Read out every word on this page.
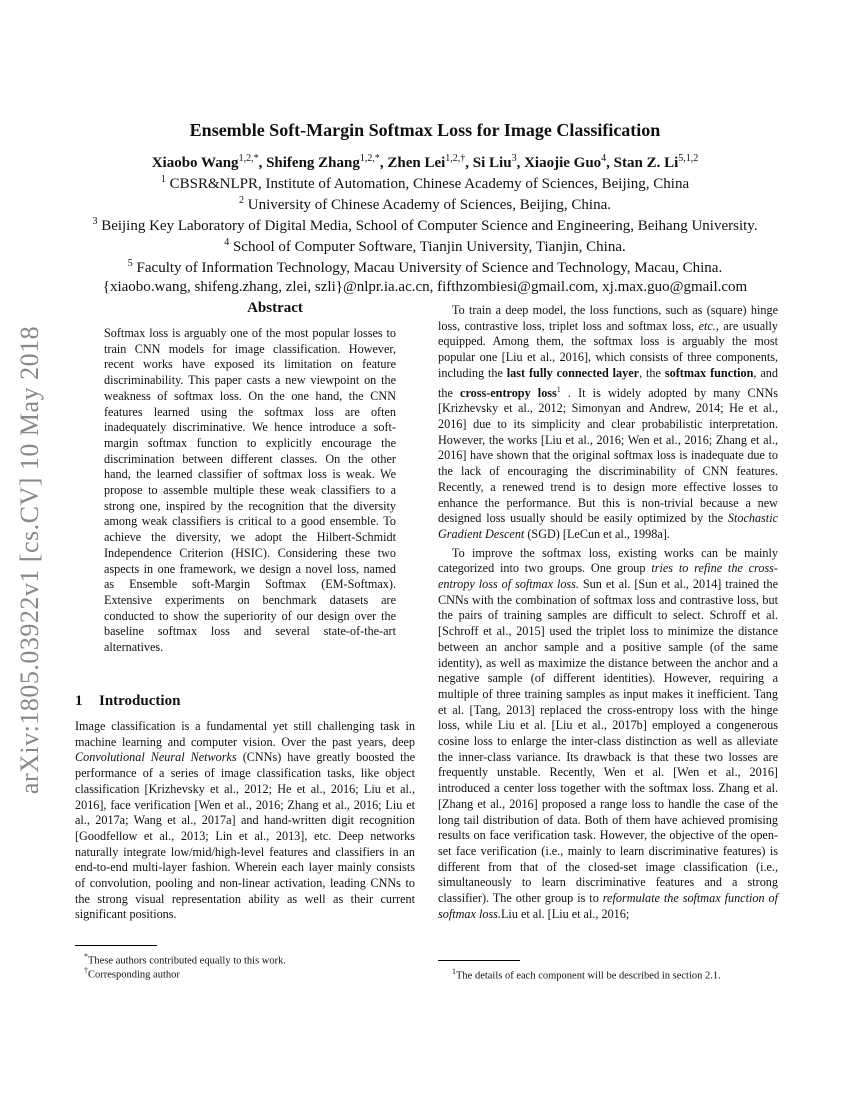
arXiv:1805.03922v1 [cs.CV] 10 May 2018
Ensemble Soft-Margin Softmax Loss for Image Classification
Xiaobo Wang$^{1,2,*}$, Shifeng Zhang$^{1,2,*}$, Zhen Lei$^{1,2,\dagger}$, Si Liu$^3$, Xiaojie Guo$^4$, Stan Z. Li$^{5,1,2}$
$^1$ CBSR&NLPR, Institute of Automation, Chinese Academy of Sciences, Beijing, China
$^2$ University of Chinese Academy of Sciences, Beijing, China.
$^3$ Beijing Key Laboratory of Digital Media, School of Computer Science and Engineering, Beihang University.
$^4$ School of Computer Software, Tianjin University, Tianjin, China.
$^5$ Faculty of Information Technology, Macau University of Science and Technology, Macau, China.
{xiaobo.wang, shifeng.zhang, zlei, szli}@nlpr.ia.ac.cn, fifthzombiesi@gmail.com, xj.max.guo@gmail.com
Abstract
Softmax loss is arguably one of the most popular losses to train CNN models for image classification. However, recent works have exposed its limitation on feature discriminability. This paper casts a new viewpoint on the weakness of softmax loss. On the one hand, the CNN features learned using the softmax loss are often inadequately discriminative. We hence introduce a soft-margin softmax function to explicitly encourage the discrimination between different classes. On the other hand, the learned classifier of softmax loss is weak. We propose to assemble multiple these weak classifiers to a strong one, inspired by the recognition that the diversity among weak classifiers is critical to a good ensemble. To achieve the diversity, we adopt the Hilbert-Schmidt Independence Criterion (HSIC). Considering these two aspects in one framework, we design a novel loss, named as Ensemble soft-Margin Softmax (EM-Softmax). Extensive experiments on benchmark datasets are conducted to show the superiority of our design over the baseline softmax loss and several state-of-the-art alternatives.
1 Introduction
Image classification is a fundamental yet still challenging task in machine learning and computer vision. Over the past years, deep Convolutional Neural Networks (CNNs) have greatly boosted the performance of a series of image classification tasks, like object classification [Krizhevsky et al., 2012; He et al., 2016; Liu et al., 2016], face verification [Wen et al., 2016; Zhang et al., 2016; Liu et al., 2017a; Wang et al., 2017a] and hand-written digit recognition [Goodfellow et al., 2013; Lin et al., 2013], etc. Deep networks naturally integrate low/mid/high-level features and classifiers in an end-to-end multi-layer fashion. Wherein each layer mainly consists of convolution, pooling and non-linear activation, leading CNNs to the strong visual representation ability as well as their current significant positions.
*These authors contributed equally to this work.
†Corresponding author

To train a deep model, the loss functions, such as (square) hinge loss, contrastive loss, triplet loss and softmax loss, etc., are usually equipped. Among them, the softmax loss is arguably the most popular one [Liu et al., 2016], which consists of three components, including the last fully connected layer, the softmax function, and the cross-entropy loss$^1$ . It is widely adopted by many CNNs [Krizhevsky et al., 2012; Simonyan and Andrew, 2014; He et al., 2016] due to its simplicity and clear probabilistic interpretation. However, the works [Liu et al., 2016; Wen et al., 2016; Zhang et al., 2016] have shown that the original softmax loss is inadequate due to the lack of encouraging the discriminability of CNN features. Recently, a renewed trend is to design more effective losses to enhance the performance. But this is non-trivial because a new designed loss usually should be easily optimized by the Stochastic Gradient Descent (SGD) [LeCun et al., 1998a].

To improve the softmax loss, existing works can be mainly categorized into two groups. One group tries to refine the cross-entropy loss of softmax loss. Sun et al. [Sun et al., 2014] trained the CNNs with the combination of softmax loss and contrastive loss, but the pairs of training samples are difficult to select. Schroff et al. [Schroff et al., 2015] used the triplet loss to minimize the distance between an anchor sample and a positive sample (of the same identity), as well as maximize the distance between the anchor and a negative sample (of different identities). However, requiring a multiple of three training samples as input makes it inefficient. Tang et al. [Tang, 2013] replaced the cross-entropy loss with the hinge loss, while Liu et al. [Liu et al., 2017b] employed a congenerous cosine loss to enlarge the inter-class distinction as well as alleviate the inner-class variance. Its drawback is that these two losses are frequently unstable. Recently, Wen et al. [Wen et al., 2016] introduced a center loss together with the softmax loss. Zhang et al. [Zhang et al., 2016] proposed a range loss to handle the case of the long tail distribution of data. Both of them have achieved promising results on face verification task. However, the objective of the open-set face verification (i.e., mainly to learn discriminative features) is different from that of the closed-set image classification (i.e., simultaneously to learn discriminative features and a strong classifier). The other group is to reformulate the softmax function of softmax loss.Liu et al. [Liu et al., 2016;

$^1$The details of each component will be described in section 2.1.
